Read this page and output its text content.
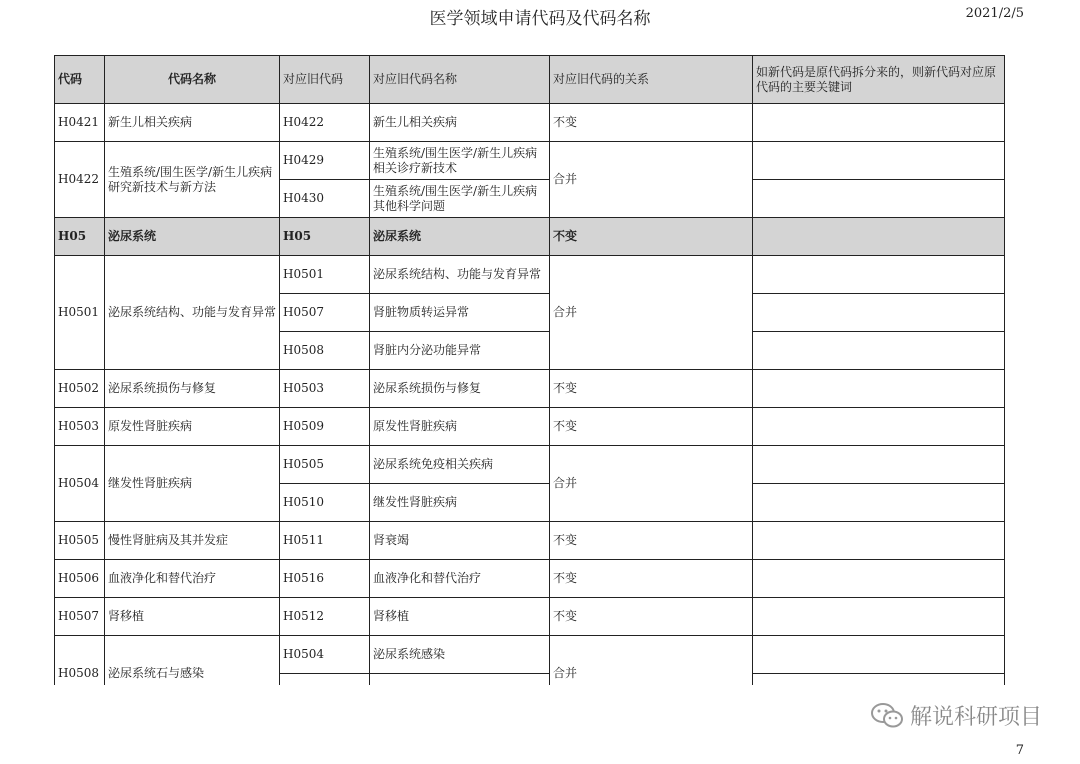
医学领域申请代码及代码名称	2021/2/5
代码	代码名称	对应旧代码	对应旧代码名称	对应旧代码的关系	如新代码是原代码拆分来的，则新代码对应原代码的主要关键词
H0421	新生儿相关疾病	H0422	新生儿相关疾病	不变	
H0422	生殖系统/围生医学/新生儿疾病研究新技术与新方法	H0429	生殖系统/围生医学/新生儿疾病相关诊疗新技术	合并	
		H0430	生殖系统/围生医学/新生儿疾病其他科学问题		
H05	泌尿系统	H05	泌尿系统	不变	
H0501	泌尿系统结构、功能与发育异常	H0501	泌尿系统结构、功能与发育异常	合并	
		H0507	肾脏物质转运异常		
		H0508	肾脏内分泌功能异常		
H0502	泌尿系统损伤与修复	H0503	泌尿系统损伤与修复	不变	
H0503	原发性肾脏疾病	H0509	原发性肾脏疾病	不变	
H0504	继发性肾脏疾病	H0505	泌尿系统免疫相关疾病	合并	
		H0510	继发性肾脏疾病		
H0505	慢性肾脏病及其并发症	H0511	肾衰竭	不变	
H0506	血液净化和替代治疗	H0516	血液净化和替代治疗	不变	
H0507	肾移植	H0512	肾移植	不变	
H0508	泌尿系统石与感染	H0504	泌尿系统感染	合并	

解说科研项目
7
